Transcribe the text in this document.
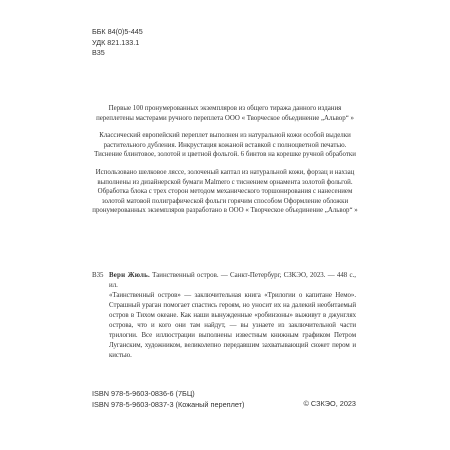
ББК 84(0)5-445
УДК 821.133.1
В35

Первые 100 пронумерованных экземпляров из общего тиража данного издания переплетены мастерами ручного переплета ООО « Творческое объединение „Альвор“ »

Классический европейский переплет выполнен из натуральной кожи особой выделки растительного дубления. Инкрустация кожаной вставкой с полноцветной печатью. Тиснение блинтовое, золотой и цветной фольгой. 6 бинтов на корешке ручной обработки

Использовано шелковое ляссе, золоченый каптал из натуральной кожи, форзац и нахзац выполнены из дизайнерской бумаги Malmero с тиснением орнамента золотой фольгой. Обработка блока с трех сторон методом механического торшонирования с нанесением золотой матовой полиграфической фольги горячим способом Оформление обложки пронумерованных экземпляров разработано в ООО « Творческое объединение „Альвор“ »

В35 Верн Жюль. Таинственный остров. — Санкт-Петербург, СЗКЭО, 2023. — 448 с., ил.

«Таинственный остров» — заключительная книга «Трилогии о капитане Немо». Страшный ураган помогает спастись героям, но уносит их на далекий необитаемый остров в Тихом океане. Как наши вынужденные «робинзоны» выживут в джунглях острова, что и кого они там найдут, — вы узнаете из заключительной части трилогии. Все иллюстрации выполнены известным книжным графиком Петром Луганским, художником, великолепно передавшим захватывающий сюжет пером и кистью.

ISBN 978-5-9603-0836-6 (7БЦ)
ISBN 978-5-9603-0837-3 (Кожаный переплет)	© СЗКЭО, 2023
